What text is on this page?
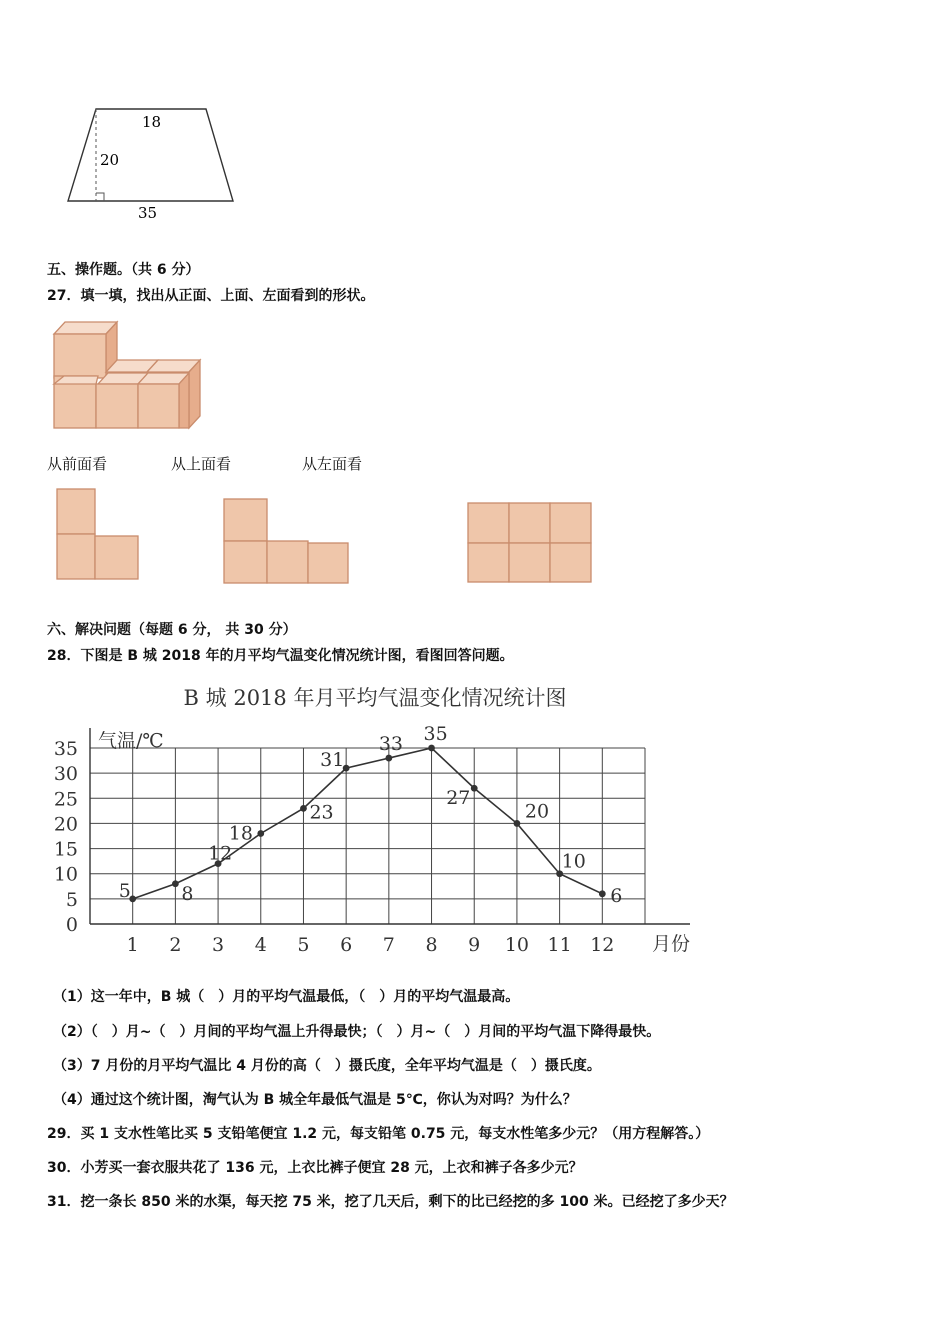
18
20
35
五、操作题。（共 6 分）
27．填一填，找出从正面、上面、左面看到的形状。
从前面看	从上面看	从左面看
六、解决问题（每题 6 分， 共 30 分）
28．下图是 B 城 2018 年的月平均气温变化情况统计图，看图回答问题。
B 城 2018 年月平均气温变化情况统计图
气温/℃
月份
0
5
10
15
20
25
30
35
1 2 3 4 5 6 7 8 9 10 11 12
5	8
12
18
23
31
33 35
27
20
10
6
（1）这一年中，B 城（　）月的平均气温最低，（　）月的平均气温最高。
（2）（　）月~（　）月间的平均气温上升得最快；（　）月~（　）月间的平均气温下降得最快。
（3）7 月份的月平均气温比 4 月份的高（　）摄氏度，全年平均气温是（　）摄氏度。
（4）通过这个统计图，淘气认为 B 城全年最低气温是 5℃，你认为对吗？为什么？
29．买 1 支水性笔比买 5 支铅笔便宜 1.2 元，每支铅笔 0.75 元，每支水性笔多少元？（用方程解答。）
30．小芳买一套衣服共花了 136 元，上衣比裤子便宜 28 元，上衣和裤子各多少元？
31．挖一条长 850 米的水渠，每天挖 75 米，挖了几天后，剩下的比已经挖的多 100 米。已经挖了多少天？
